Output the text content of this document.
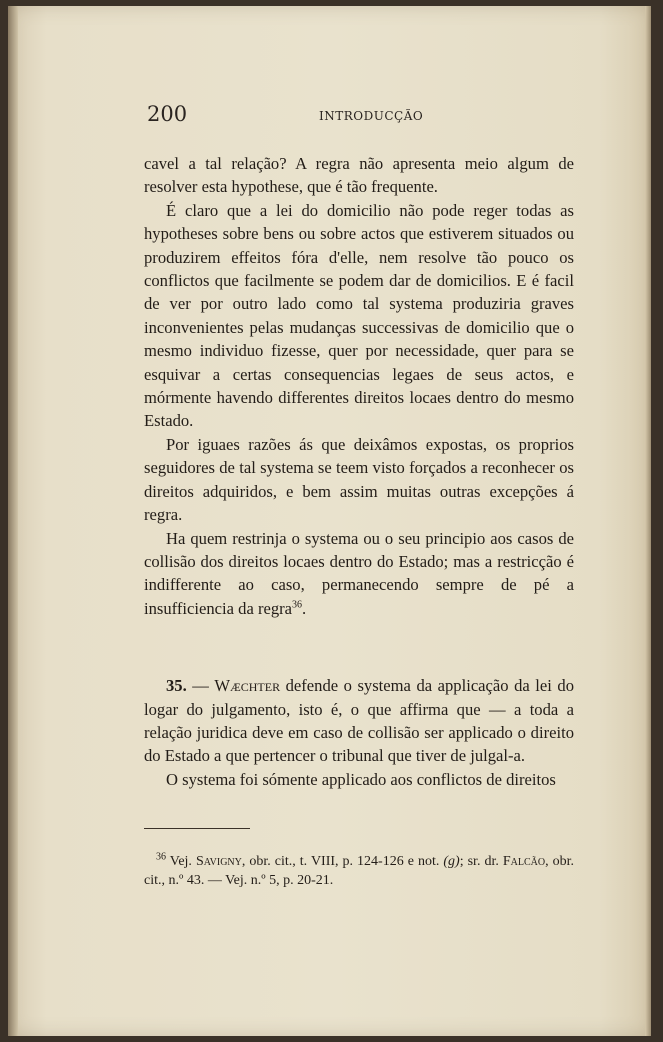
200	INTRODUCÇÃO

cavel a tal relação? A regra não apresenta meio algum de resolver esta hypothese, que é tão frequente.

É claro que a lei do domicilio não pode reger todas as hypotheses sobre bens ou sobre actos que estiverem situados ou produzirem effeitos fóra d'elle, nem resolve tão pouco os conflictos que facilmente se podem dar de domicilios. E é facil de ver por outro lado como tal systema produziria graves inconvenientes pelas mudanças successivas de domicilio que o mesmo individuo fizesse, quer por necessidade, quer para se esquivar a certas consequencias legaes de seus actos, e mórmente havendo differentes direitos locaes dentro do mesmo Estado.

Por iguaes razões ás que deixâmos expostas, os proprios seguidores de tal systema se teem visto forçados a reconhecer os direitos adquiridos, e bem assim muitas outras excepções á regra.

Ha quem restrinja o systema ou o seu principio aos casos de collisão dos direitos locaes dentro do Estado; mas a restricção é indifferente ao caso, permanecendo sempre de pé a insufficiencia da regra$^{36}$.

35. — Wæchter defende o systema da applicação da lei do logar do julgamento, isto é, o que affirma que — a toda a relação juridica deve em caso de collisão ser applicado o direito do Estado a que pertencer o tribunal que tiver de julgal-a.

O systema foi sómente applicado aos conflictos de direitos

$^{36}$ Vej. Savigny, obr. cit., t. VIII, p. 124-126 e not. (g); sr. dr. Falcão, obr. cit., n.º 43. — Vej. n.º 5, p. 20-21.
